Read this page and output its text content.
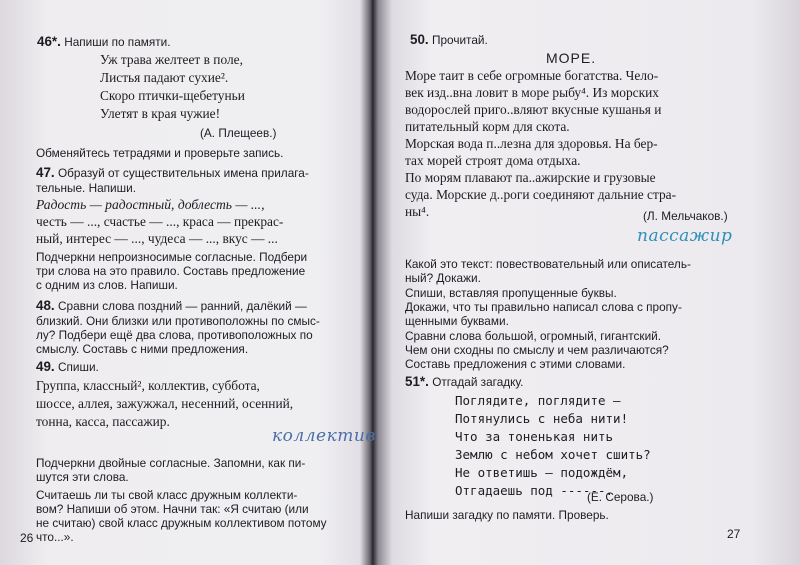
46*. Напиши по памяти.
Уж трава желтеет в поле,
Листья падают сухие².
Скоро птички-щебетуньи
Улетят в края чужие!
(А. Плещеев.)
Обменяйтесь тетрадями и проверьте запись.
47. Образуй от существительных имена прилага-
тельные. Напиши.
Радость — радостный, доблесть — ...,
честь — ..., счастье — ..., краса — прекрас-
ный, интерес — ..., чудеса — ..., вкус — ...
Подчеркни непроизносимые согласные. Подбери
три слова на это правило. Составь предложение
с одним из слов. Напиши.
48. Сравни слова поздний — ранний, далёкий —
близкий. Они близки или противоположны по смыс-
лу? Подбери ещё два слова, противоположных по
смыслу. Составь с ними предложения.
49. Спиши.
Группа, классный², коллектив, суббота,
шоссе, аллея, зажужжал, несенний, осенний,
тонна, касса, пассажир.
коллектив
Подчеркни двойные согласные. Запомни, как пи-
шутся эти слова.
Считаешь ли ты свой класс дружным коллекти-
вом? Напиши об этом. Начни так: «Я считаю (или
не считаю) свой класс дружным коллективом потому
что...».
26
50. Прочитай.
МОРЕ.
Море таит в себе огромные богатства. Чело-
век изд..вна ловит в море рыбу⁴. Из морских
водорослей приго..вляют вкусные кушанья и
питательный корм для скота.
Морская вода п..лезна для здоровья. На бер-
тах морей строят дома отдыха.
По морям плавают па..ажирские и грузовые
суда. Морские д..роги соединяют дальние стра-
ны⁴.	(Л. Мельчаков.)
пассажир
Какой это текст: повествовательный или описатель-
ный? Докажи.
Спиши, вставляя пропущенные буквы.
Докажи, что ты правильно написал слова с пропу-
щенными буквами.
Сравни слова большой, огромный, гигантский.
Чем они сходны по смыслу и чем различаются?
Составь предложения с этими словами.
51*. Отгадай загадку.
Поглядите, поглядите —
Потянулись с неба нити!
Что за тоненькая нить
Землю с небом хочет сшить?
Не ответишь — подождём,
Отгадаешь под ------.
(Е. Серова.)
Напиши загадку по памяти. Проверь.
27
